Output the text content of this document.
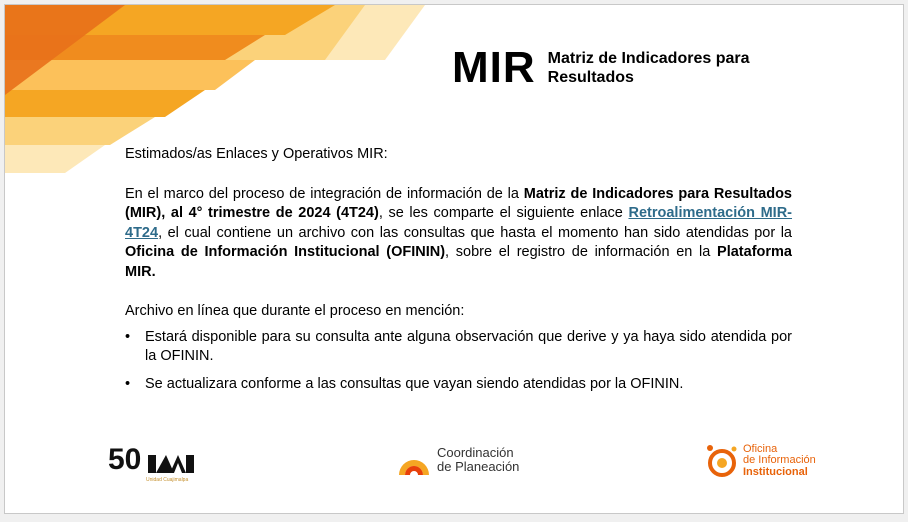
MIR Matriz de Indicadores para Resultados

Estimados/as Enlaces y Operativos MIR:

En el marco del proceso de integración de información de la Matriz de Indicadores para Resultados (MIR), al 4° trimestre de 2024 (4T24), se les comparte el siguiente enlace Retroalimentación MIR-4T24, el cual contiene un archivo con las consultas que hasta el momento han sido atendidas por la Oficina de Información Institucional (OFININ), sobre el registro de información en la Plataforma MIR.

Archivo en línea que durante el proceso en mención:

• Estará disponible para su consulta ante alguna observación que derive y ya haya sido atendida por la OFININ.
• Se actualizara conforme a las consultas que vayan siendo atendidas por la OFININ.
50
Unidad Cuajimalpa
Coordinación
de Planeación
Oficina
de Información
Institucional
